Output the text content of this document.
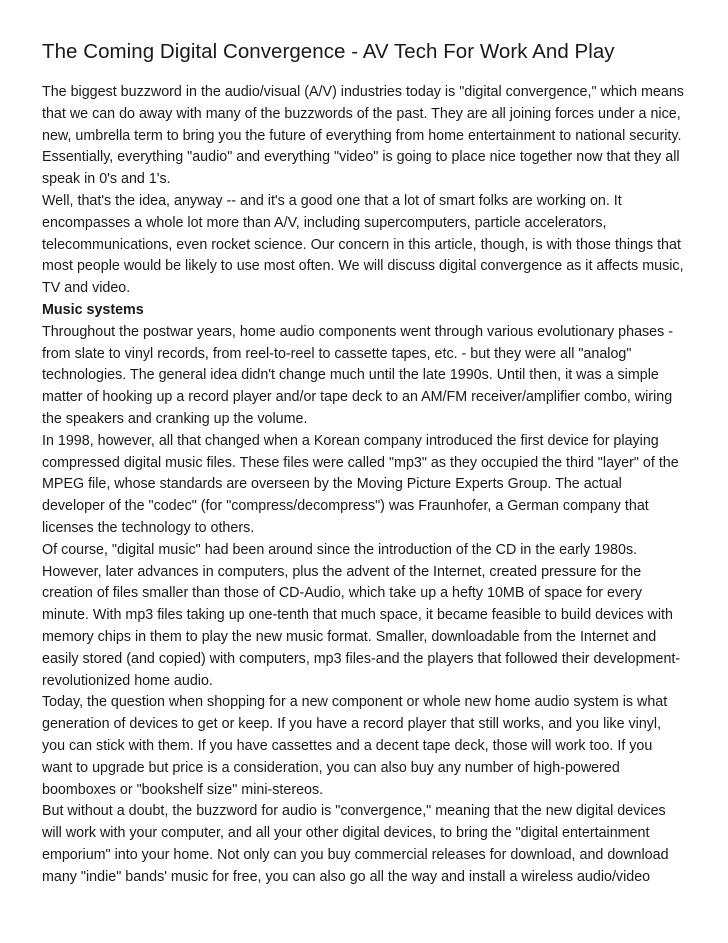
The Coming Digital Convergence - AV Tech For Work And Play
The biggest buzzword in the audio/visual (A/V) industries today is "digital convergence," which means
that we can do away with many of the buzzwords of the past. They are all joining forces under a nice,
new, umbrella term to bring you the future of everything from home entertainment to national security.
Essentially, everything "audio" and everything "video" is going to place nice together now that they all
speak in 0's and 1's.
Well, that's the idea, anyway -- and it's a good one that a lot of smart folks are working on. It
encompasses a whole lot more than A/V, including supercomputers, particle accelerators,
telecommunications, even rocket science. Our concern in this article, though, is with those things that
most people would be likely to use most often. We will discuss digital convergence as it affects music,
TV and video.
Music systems
Throughout the postwar years, home audio components went through various evolutionary phases -
from slate to vinyl records, from reel-to-reel to cassette tapes, etc. - but they were all "analog"
technologies. The general idea didn't change much until the late 1990s. Until then, it was a simple
matter of hooking up a record player and/or tape deck to an AM/FM receiver/amplifier combo, wiring
the speakers and cranking up the volume.
In 1998, however, all that changed when a Korean company introduced the first device for playing
compressed digital music files. These files were called "mp3" as they occupied the third "layer" of the
MPEG file, whose standards are overseen by the Moving Picture Experts Group. The actual
developer of the "codec" (for "compress/decompress") was Fraunhofer, a German company that
licenses the technology to others.
Of course, "digital music" had been around since the introduction of the CD in the early 1980s.
However, later advances in computers, plus the advent of the Internet, created pressure for the
creation of files smaller than those of CD-Audio, which take up a hefty 10MB of space for every
minute. With mp3 files taking up one-tenth that much space, it became feasible to build devices with
memory chips in them to play the new music format. Smaller, downloadable from the Internet and
easily stored (and copied) with computers, mp3 files-and the players that followed their development-
revolutionized home audio.
Today, the question when shopping for a new component or whole new home audio system is what
generation of devices to get or keep. If you have a record player that still works, and you like vinyl,
you can stick with them. If you have cassettes and a decent tape deck, those will work too. If you
want to upgrade but price is a consideration, you can also buy any number of high-powered
boomboxes or "bookshelf size" mini-stereos.
But without a doubt, the buzzword for audio is "convergence," meaning that the new digital devices
will work with your computer, and all your other digital devices, to bring the "digital entertainment
emporium" into your home. Not only can you buy commercial releases for download, and download
many "indie" bands' music for free, you can also go all the way and install a wireless audio/video
